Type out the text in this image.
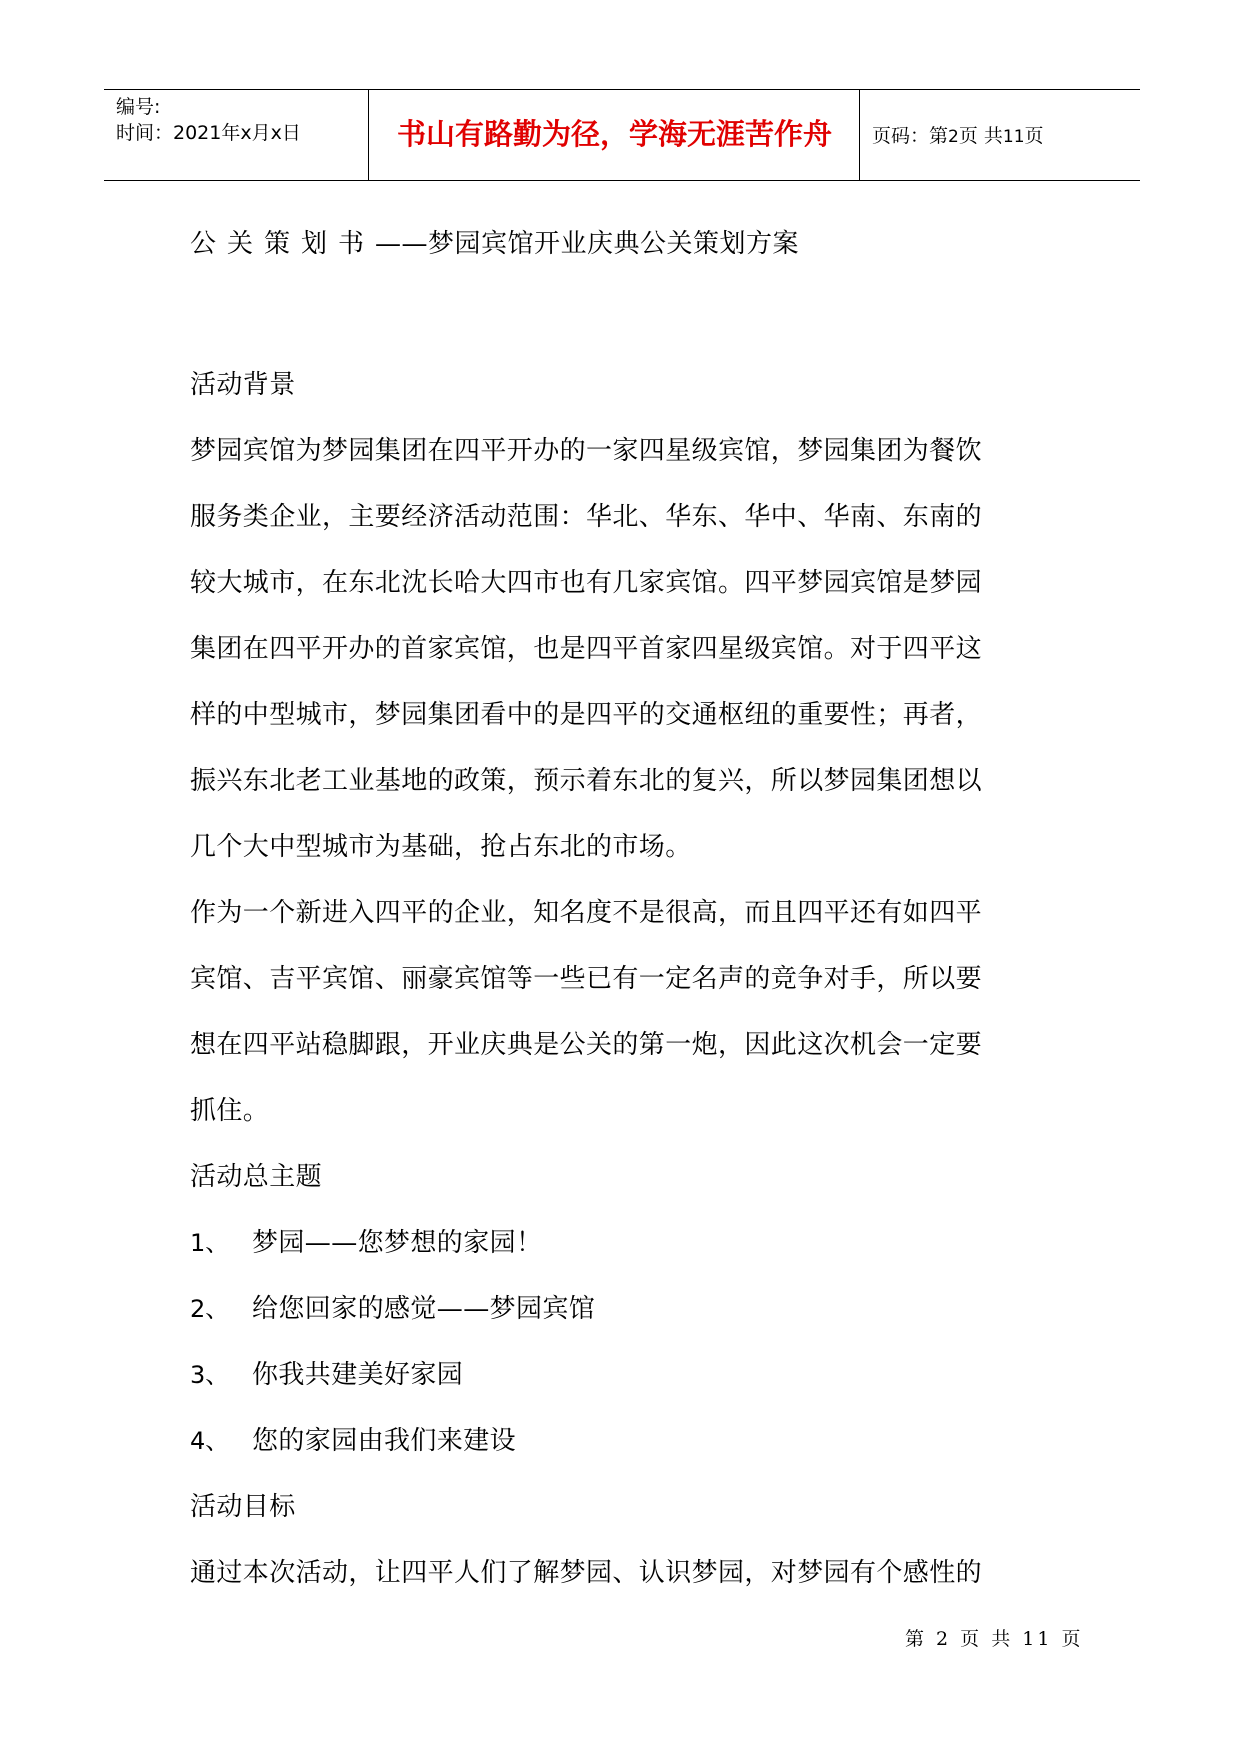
编号:
时间：2021年x月x日	书山有路勤为径，学海无涯苦作舟	页码：第2页 共11页
公关策划书——梦园宾馆开业庆典公关策划方案
活动背景
梦园宾馆为梦园集团在四平开办的一家四星级宾馆，梦园集团为餐饮
服务类企业，主要经济活动范围：华北、华东、华中、华南、东南的
较大城市，在东北沈长哈大四市也有几家宾馆。四平梦园宾馆是梦园
集团在四平开办的首家宾馆，也是四平首家四星级宾馆。对于四平这
样的中型城市，梦园集团看中的是四平的交通枢纽的重要性；再者，
振兴东北老工业基地的政策，预示着东北的复兴，所以梦园集团想以
几个大中型城市为基础，抢占东北的市场。
作为一个新进入四平的企业，知名度不是很高，而且四平还有如四平
宾馆、吉平宾馆、丽豪宾馆等一些已有一定名声的竞争对手，所以要
想在四平站稳脚跟，开业庆典是公关的第一炮，因此这次机会一定要
抓住。
活动总主题
1、 梦园——您梦想的家园！
2、 给您回家的感觉——梦园宾馆
3、 你我共建美好家园
4、 您的家园由我们来建设
活动目标
通过本次活动，让四平人们了解梦园、认识梦园，对梦园有个感性的
第 2 页 共 11 页
